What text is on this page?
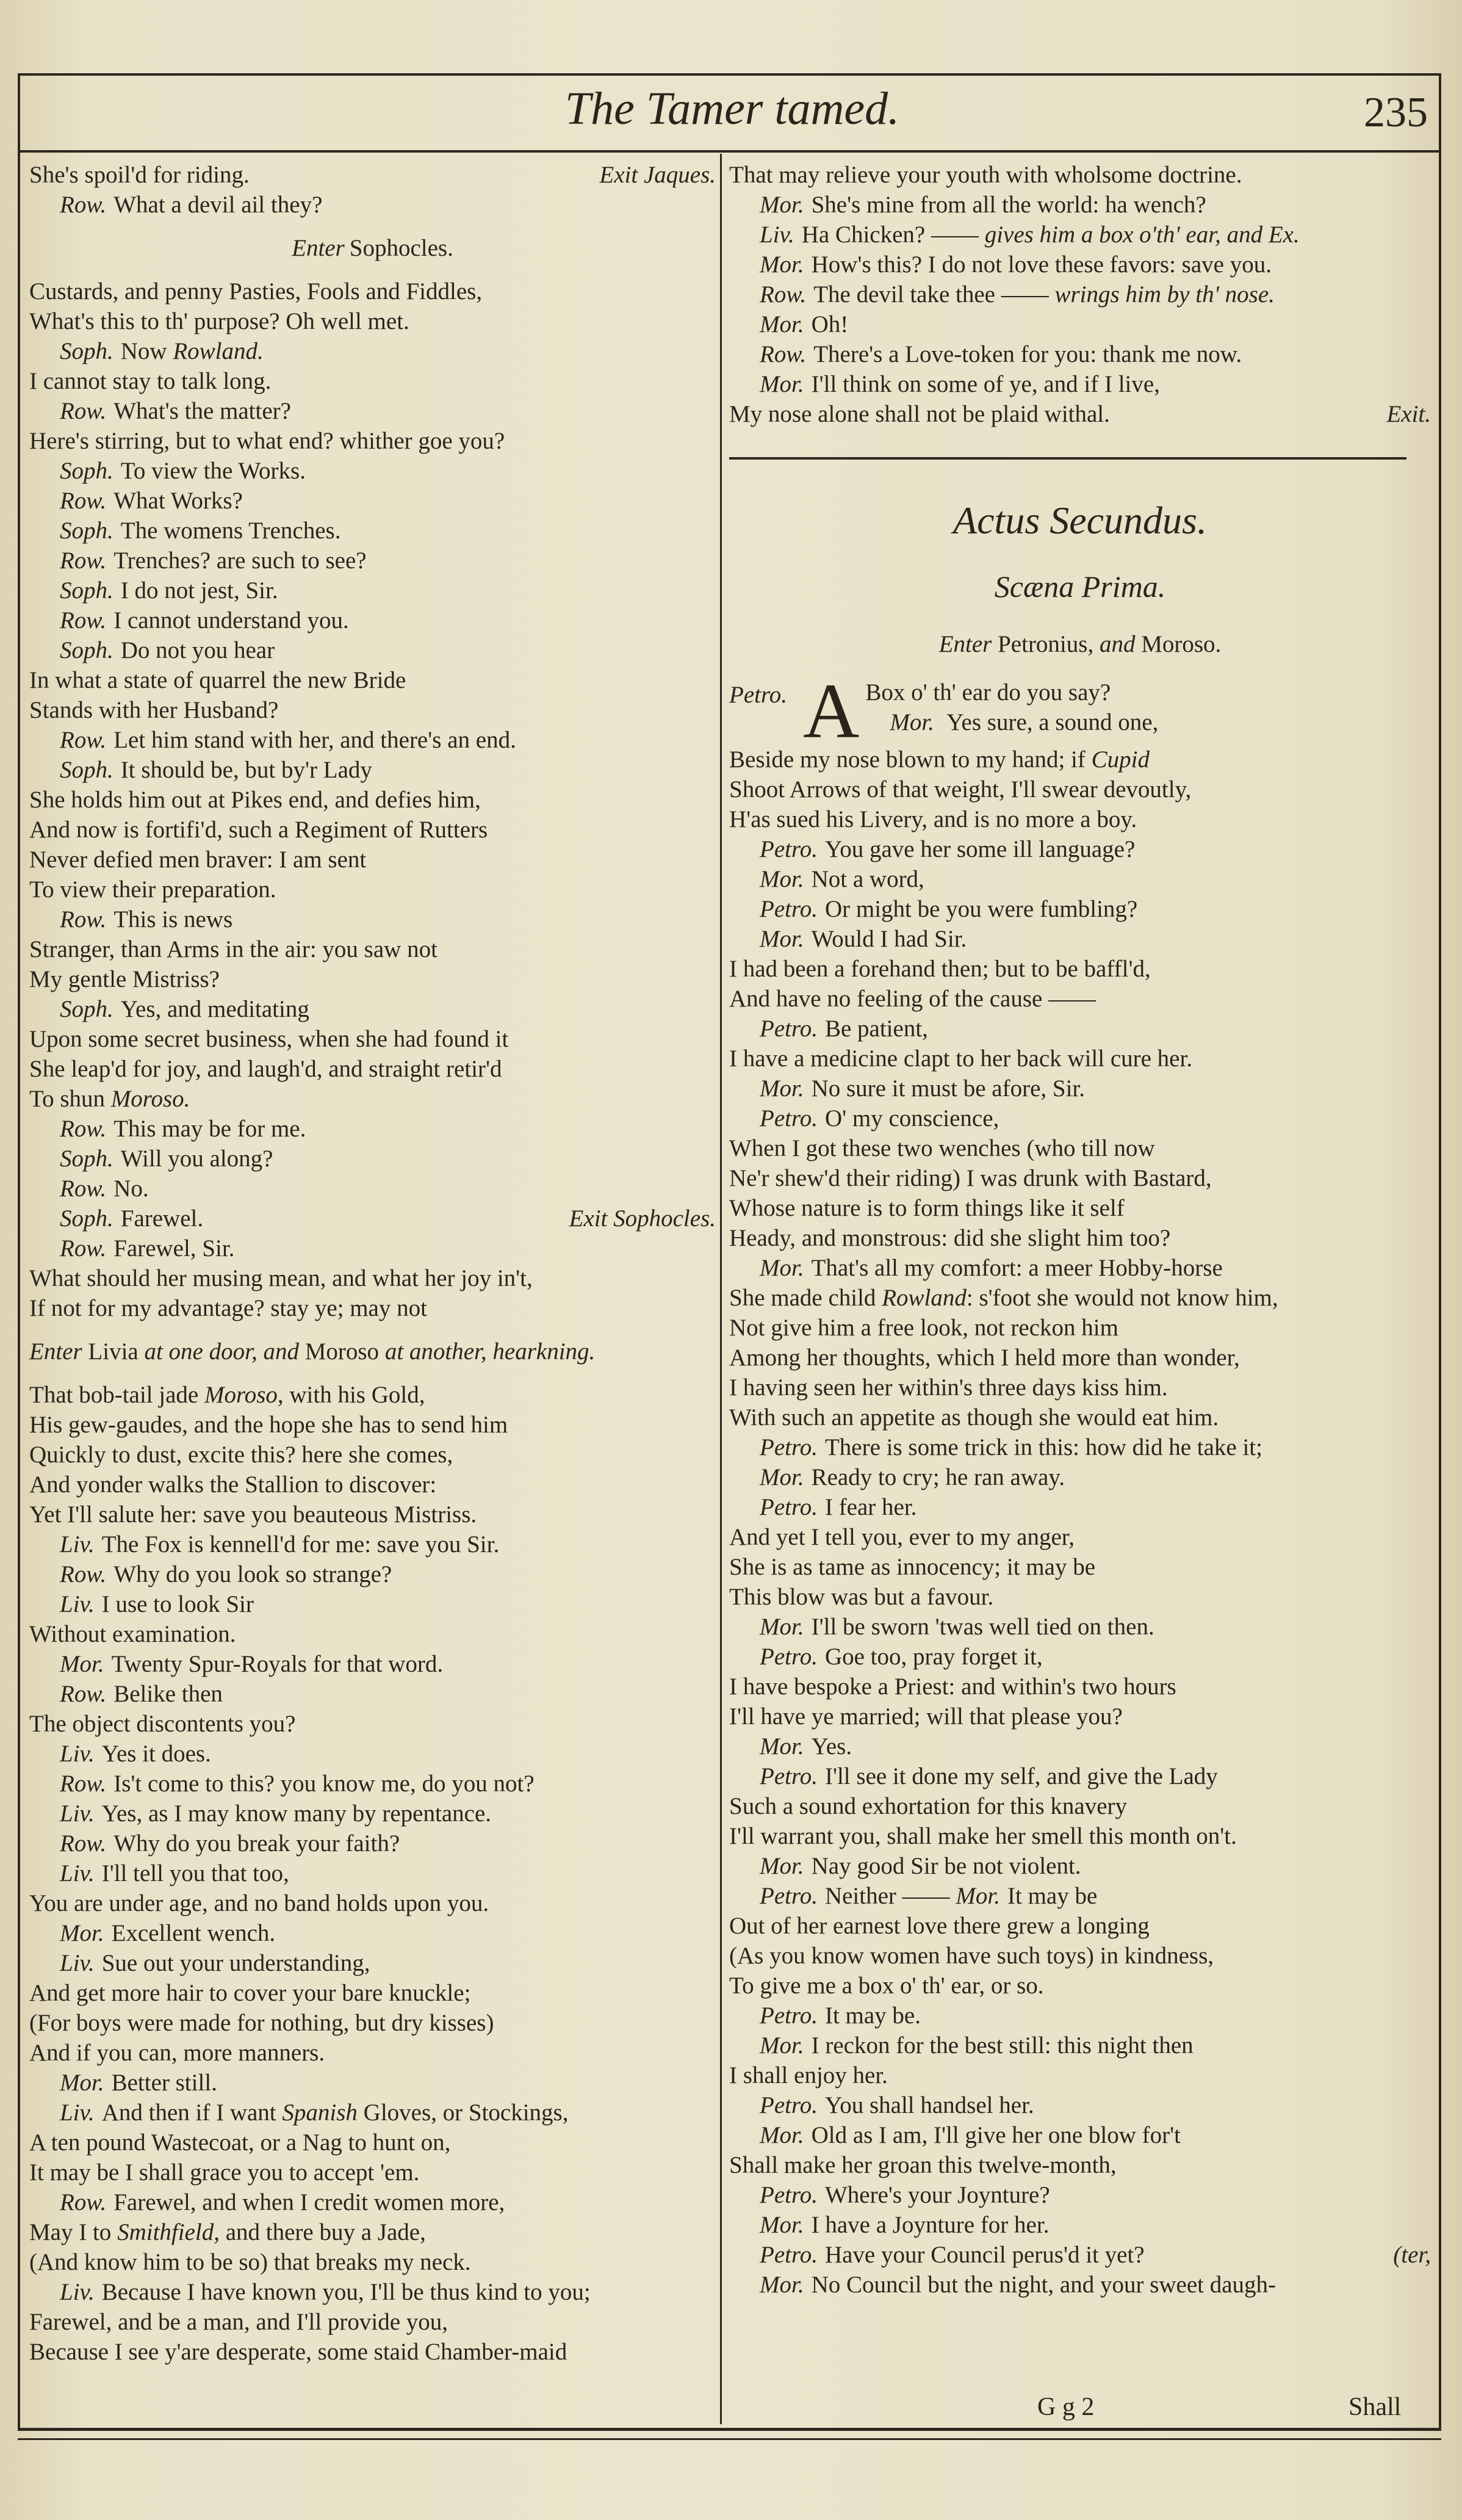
The Tamer tamed.	235
She's spoil'd for riding.	Exit Jaques.
Row. What a devil ail they?
Enter Sophocles.
Custards, and penny Pasties, Fools and Fiddles,
What's this to th' purpose? Oh well met.
Soph. Now Rowland.
I cannot stay to talk long.
Row. What's the matter?
Here's stirring, but to what end? whither goe you?
Soph. To view the Works.
Row. What Works?
Soph. The womens Trenches.
Row. Trenches? are such to see?
Soph. I do not jest, Sir.
Row. I cannot understand you.
Soph. Do not you hear
In what a state of quarrel the new Bride
Stands with her Husband?
Row. Let him stand with her, and there's an end.
Soph. It should be, but by'r Lady
She holds him out at Pikes end, and defies him,
And now is fortifi'd, such a Regiment of Rutters
Never defied men braver: I am sent
To view their preparation.
Row. This is news
Stranger, than Arms in the air: you saw not
My gentle Mistriss?
Soph. Yes, and meditating
Upon some secret business, when she had found it
She leap'd for joy, and laugh'd, and straight retir'd
To shun Moroso.
Row. This may be for me.
Soph. Will you along?
Row. No.
Soph. Farewel.	Exit Sophocles.
Row. Farewel, Sir.
What should her musing mean, and what her joy in't,
If not for my advantage? stay ye; may not
Enter Livia at one door, and Moroso at another, hearkning.
That bob-tail jade Moroso, with his Gold,
His gew-gaudes, and the hope she has to send him
Quickly to dust, excite this? here she comes,
And yonder walks the Stallion to discover:
Yet I'll salute her: save you beauteous Mistriss.
Liv. The Fox is kennell'd for me: save you Sir.
Row. Why do you look so strange?
Liv. I use to look Sir
Without examination.
Mor. Twenty Spur-Royals for that word.
Row. Belike then
The object discontents you?
Liv. Yes it does.
Row. Is't come to this? you know me, do you not?
Liv. Yes, as I may know many by repentance.
Row. Why do you break your faith?
Liv. I'll tell you that too,
You are under age, and no band holds upon you.
Mor. Excellent wench.
Liv. Sue out your understanding,
And get more hair to cover your bare knuckle;
(For boys were made for nothing, but dry kisses)
And if you can, more manners.
Mor. Better still.
Liv. And then if I want Spanish Gloves, or Stockings,
A ten pound Wastecoat, or a Nag to hunt on,
It may be I shall grace you to accept 'em.
Row. Farewel, and when I credit women more,
May I to Smithfield, and there buy a Jade,
(And know him to be so) that breaks my neck.
Liv. Because I have known you, I'll be thus kind to you;
Farewel, and be a man, and I'll provide you,
Because I see y'are desperate, some staid Chamber-maid
That may relieve your youth with wholsome doctrine.
Mor. She's mine from all the world: ha wench?
Liv. Ha Chicken? —— gives him a box o'th' ear, and Ex.
Mor. How's this? I do not love these favors: save you.
Row. The devil take thee —— wrings him by th' nose.
Mor. Oh!
Row. There's a Love-token for you: thank me now.
Mor. I'll think on some of ye, and if I live,
My nose alone shall not be plaid withal.	Exit.
Actus Secundus.
Scæna Prima.
Enter Petronius, and Moroso.
Petro. A Box o' th' ear do you say?
Mor. Yes sure, a sound one,
Beside my nose blown to my hand; if Cupid
Shoot Arrows of that weight, I'll swear devoutly,
H'as sued his Livery, and is no more a boy.
Petro. You gave her some ill language?
Mor. Not a word,
Petro. Or might be you were fumbling?
Mor. Would I had Sir.
I had been a forehand then; but to be baffl'd,
And have no feeling of the cause ——
Petro. Be patient,
I have a medicine clapt to her back will cure her.
Mor. No sure it must be afore, Sir.
Petro. O' my conscience,
When I got these two wenches (who till now
Ne'r shew'd their riding) I was drunk with Bastard,
Whose nature is to form things like it self
Heady, and monstrous: did she slight him too?
Mor. That's all my comfort: a meer Hobby-horse
She made child Rowland: s'foot she would not know him,
Not give him a free look, not reckon him
Among her thoughts, which I held more than wonder,
I having seen her within's three days kiss him.
With such an appetite as though she would eat him.
Petro. There is some trick in this: how did he take it;
Mor. Ready to cry; he ran away.
Petro. I fear her.
And yet I tell you, ever to my anger,
She is as tame as innocency; it may be
This blow was but a favour.
Mor. I'll be sworn 'twas well tied on then.
Petro. Goe too, pray forget it,
I have bespoke a Priest: and within's two hours
I'll have ye married; will that please you?
Mor. Yes.
Petro. I'll see it done my self, and give the Lady
Such a sound exhortation for this knavery
I'll warrant you, shall make her smell this month on't.
Mor. Nay good Sir be not violent.
Petro. Neither —— Mor. It may be
Out of her earnest love there grew a longing
(As you know women have such toys) in kindness,
To give me a box o' th' ear, or so.
Petro. It may be.
Mor. I reckon for the best still: this night then
I shall enjoy her.
Petro. You shall handsel her.
Mor. Old as I am, I'll give her one blow for't
Shall make her groan this twelve-month,
Petro. Where's your Joynture?
Mor. I have a Joynture for her.
Petro. Have your Council perus'd it yet?	(ter,
Mor. No Council but the night, and your sweet daugh-
G g 2	Shall
